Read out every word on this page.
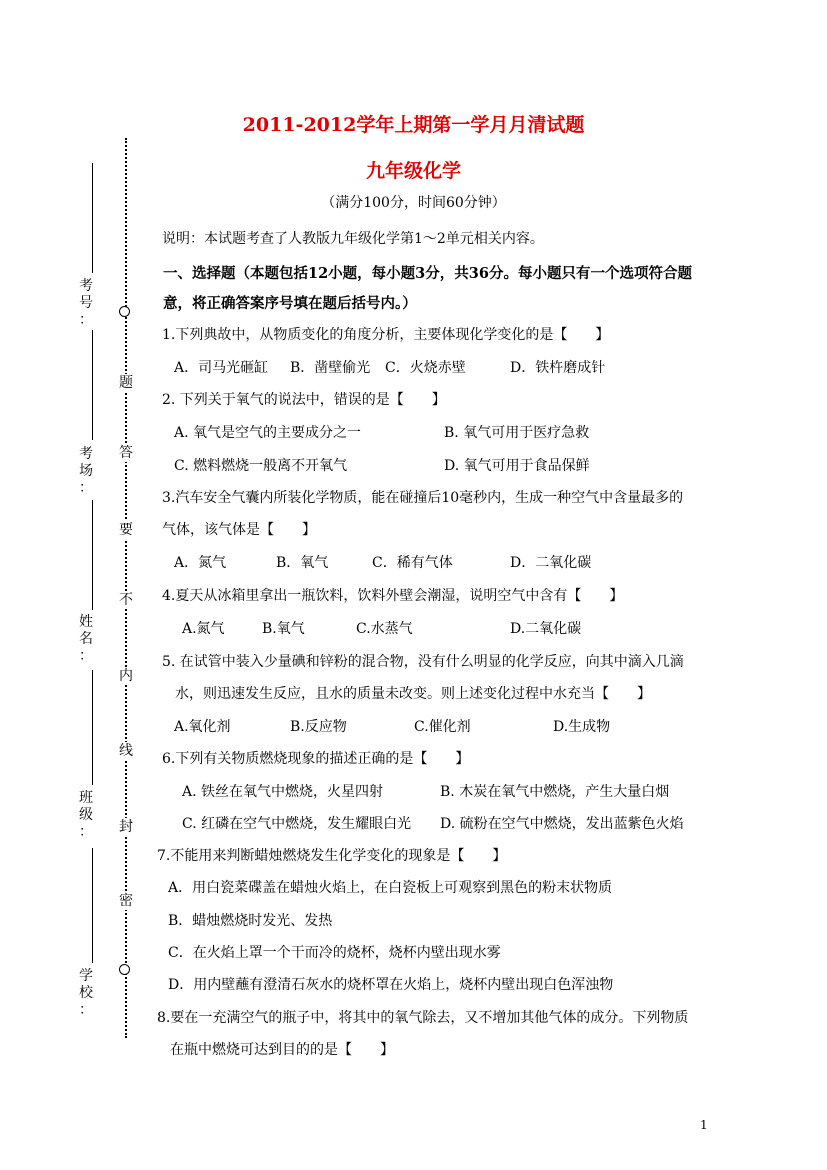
题
答
要
不
内
线
封
密
考
号
：
考
场
：
姓
名
：
班
级
：
学
校
：
2011-2012学年上期第一学月月清试题
九年级化学
（满分100分，时间60分钟）
说明：本试题考查了人教版九年级化学第1～2单元相关内容。
一、选择题（本题包括12小题，每小题3分，共36分。每小题只有一个选项符合题
意，将正确答案序号填在题后括号内。）
1.下列典故中，从物质变化的角度分析，主要体现化学变化的是【　　】
A．司马光砸缸 B．凿壁偷光 C．火烧赤壁	D．铁杵磨成针
2. 下列关于氧气的说法中，错误的是【　　】
A. 氧气是空气的主要成分之一	B. 氧气可用于医疗急救
C. 燃料燃烧一般离不开氧气	D. 氧气可用于食品保鲜
3.汽车安全气囊内所装化学物质，能在碰撞后10毫秒内，生成一种空气中含量最多的
气体，该气体是【　　】
A．氮气	B．氧气	C．稀有气体	D．二氧化碳
4.夏天从冰箱里拿出一瓶饮料，饮料外壁会潮湿，说明空气中含有【　　】
A.氮气	B.氧气	C.水蒸气	D.二氧化碳
5. 在试管中装入少量碘和锌粉的混合物，没有什么明显的化学反应，向其中滴入几滴
水，则迅速发生反应，且水的质量未改变。则上述变化过程中水充当【　　】
A.氧化剂	B.反应物	C.催化剂	D.生成物
6.下列有关物质燃烧现象的描述正确的是【　　】
A. 铁丝在氧气中燃烧，火星四射	B. 木炭在氧气中燃烧，产生大量白烟
C. 红磷在空气中燃烧，发生耀眼白光 D. 硫粉在空气中燃烧，发出蓝紫色火焰
7.不能用来判断蜡烛燃烧发生化学变化的现象是【　　】
A．用白瓷菜碟盖在蜡烛火焰上，在白瓷板上可观察到黑色的粉末状物质
B．蜡烛燃烧时发光、发热
C．在火焰上罩一个干而冷的烧杯，烧杯内壁出现水雾
D．用内壁蘸有澄清石灰水的烧杯罩在火焰上，烧杯内壁出现白色浑浊物
8.要在一充满空气的瓶子中，将其中的氧气除去，又不增加其他气体的成分。下列物质
在瓶中燃烧可达到目的的是【　　】
1
